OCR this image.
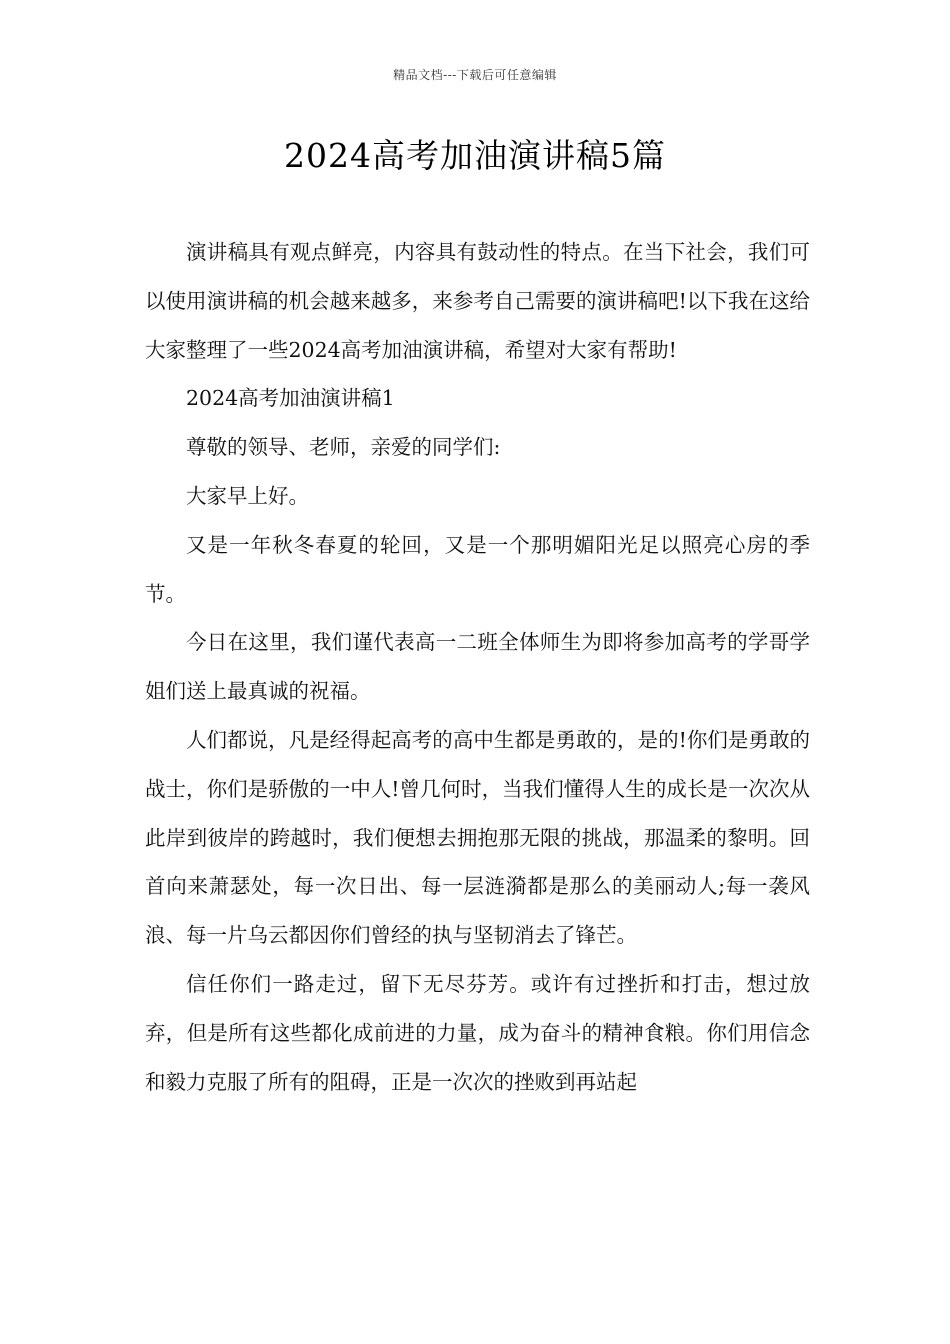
精品文档---下载后可任意编辑
2024高考加油演讲稿5篇

演讲稿具有观点鲜亮，内容具有鼓动性的特点。在当下社会，我们可以使用演讲稿的机会越来越多，来参考自己需要的演讲稿吧!以下我在这给大家整理了一些2024高考加油演讲稿，希望对大家有帮助!

2024高考加油演讲稿1

尊敬的领导、老师，亲爱的同学们:

大家早上好。

又是一年秋冬春夏的轮回，又是一个那明媚阳光足以照亮心房的季节。

今日在这里，我们谨代表高一二班全体师生为即将参加高考的学哥学姐们送上最真诚的祝福。

人们都说，凡是经得起高考的高中生都是勇敢的，是的!你们是勇敢的战士，你们是骄傲的一中人!曾几何时，当我们懂得人生的成长是一次次从此岸到彼岸的跨越时，我们便想去拥抱那无限的挑战，那温柔的黎明。回首向来萧瑟处，每一次日出、每一层涟漪都是那么的美丽动人;每一袭风浪、每一片乌云都因你们曾经的执与坚韧消去了锋芒。

信任你们一路走过，留下无尽芬芳。或许有过挫折和打击，想过放弃，但是所有这些都化成前进的力量，成为奋斗的精神食粮。你们用信念和毅力克服了所有的阻碍，正是一次次的挫败到再站起
